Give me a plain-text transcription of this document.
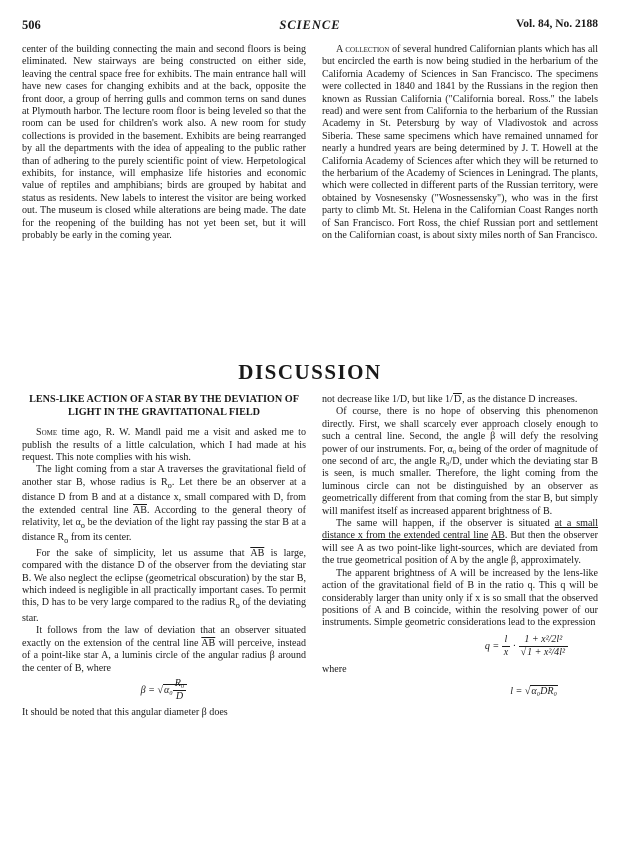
506	SCIENCE	Vol. 84, No. 2188

center of the building connecting the main and second floors is being eliminated. New stairways are being constructed on either side, leaving the central space free for exhibits. The main entrance hall will have new cases for changing exhibits and at the back, opposite the front door, a group of herring gulls and common terns on sand dunes at Plymouth harbor. The lecture room floor is being leveled so that the room can be used for children's work also. A new room for study collections is provided in the basement. Exhibits are being rearranged by all the departments with the idea of appealing to the public rather than of adhering to the purely scientific point of view. Herpetological exhibits, for instance, will emphasize life histories and economic value of reptiles and amphibians; birds are grouped by habitat and status as residents. New labels to interest the visitor are being worked out. The museum is closed while alterations are being made. The date for the reopening of the building has not yet been set, but it will probably be early in the coming year.

A collection of several hundred Californian plants which has all but encircled the earth is now being studied in the herbarium of the California Academy of Sciences in San Francisco. The specimens were collected in 1840 and 1841 by the Russians in the region then known as Russian California ("California boreal. Ross." the labels read) and were sent from California to the herbarium of the Russian Academy in St. Petersburg by way of Vladivostok and across Siberia. These same specimens which have remained unnamed for nearly a hundred years are being determined by J. T. Howell at the California Academy of Sciences after which they will be returned to the herbarium of the Academy of Sciences in Leningrad. The plants, which were collected in different parts of the Russian territory, were obtained by Vosnesensky ("Wosnessensky"), who was in the first party to climb Mt. St. Helena in the Californian Coast Ranges north of San Francisco. Fort Ross, the chief Russian port and settlement on the Californian coast, is about sixty miles north of San Francisco.

DISCUSSION
LENS-LIKE ACTION OF A STAR BY THE DEVIATION OF LIGHT IN THE GRAVITATIONAL FIELD

Some time ago, R. W. Mandl paid me a visit and asked me to publish the results of a little calculation, which I had made at his request. This note complies with his wish.

The light coming from a star A traverses the gravitational field of another star B, whose radius is $R_o$. Let there be an observer at a distance D from B and at a distance x, small compared with D, from the extended central line $\overline{AB}$. According to the general theory of relativity, let $\alpha_o$ be the deviation of the light ray passing the star B at a distance $R_o$ from its center.

For the sake of simplicity, let us assume that $\overline{AB}$ is large, compared with the distance D of the observer from the deviating star B. We also neglect the eclipse (geometrical obscuration) by the star B, which indeed is negligible in all practically important cases. To permit this, D has to be very large compared to the radius $R_o$ of the deviating star.

It follows from the law of deviation that an observer situated exactly on the extension of the central line $\overline{AB}$ will perceive, instead of a point-like star A, a luminis circle of the angular radius β around the center of B, where

$\beta = √\alpha_0 \frac{\text{R₀}}{D}$

It should be noted that this angular diameter β does

not decrease like 1/D, but like 1/D, as the distance D increases.

Of course, there is no hope of observing this phenomenon directly. First, we shall scarcely ever approach closely enough to such a central line. Second, the angle β will defy the resolving power of our instruments. For, α₀ being of the order of magnitude of one second of arc, the angle R₀/D, under which the deviating star B is seen, is much smaller. Therefore, the light coming from the luminous circle can not be distinguished by an observer as geometrically different from that coming from the star B, but simply will manifest itself as increased apparent brightness of B.

The same will happen, if the observer is situated at a small distance x from the extended central line AB. But then the observer will see A as two point-like light-sources, which are deviated from the true geometrical position of A by the angle β, approximately.

The apparent brightness of A will be increased by the lens-like action of the gravitational field of B in the ratio q. This q will be considerably larger than unity only if x is so small that the observed positions of A and B coincide, within the resolving power of our instruments. Simple geometric considerations lead to the expression

$q = \frac{l}{x} \cdot \frac{\text{1 + x²/2l²}}{\text{√1 + x²/4l²}}$

where

l = √α₀DR₀
